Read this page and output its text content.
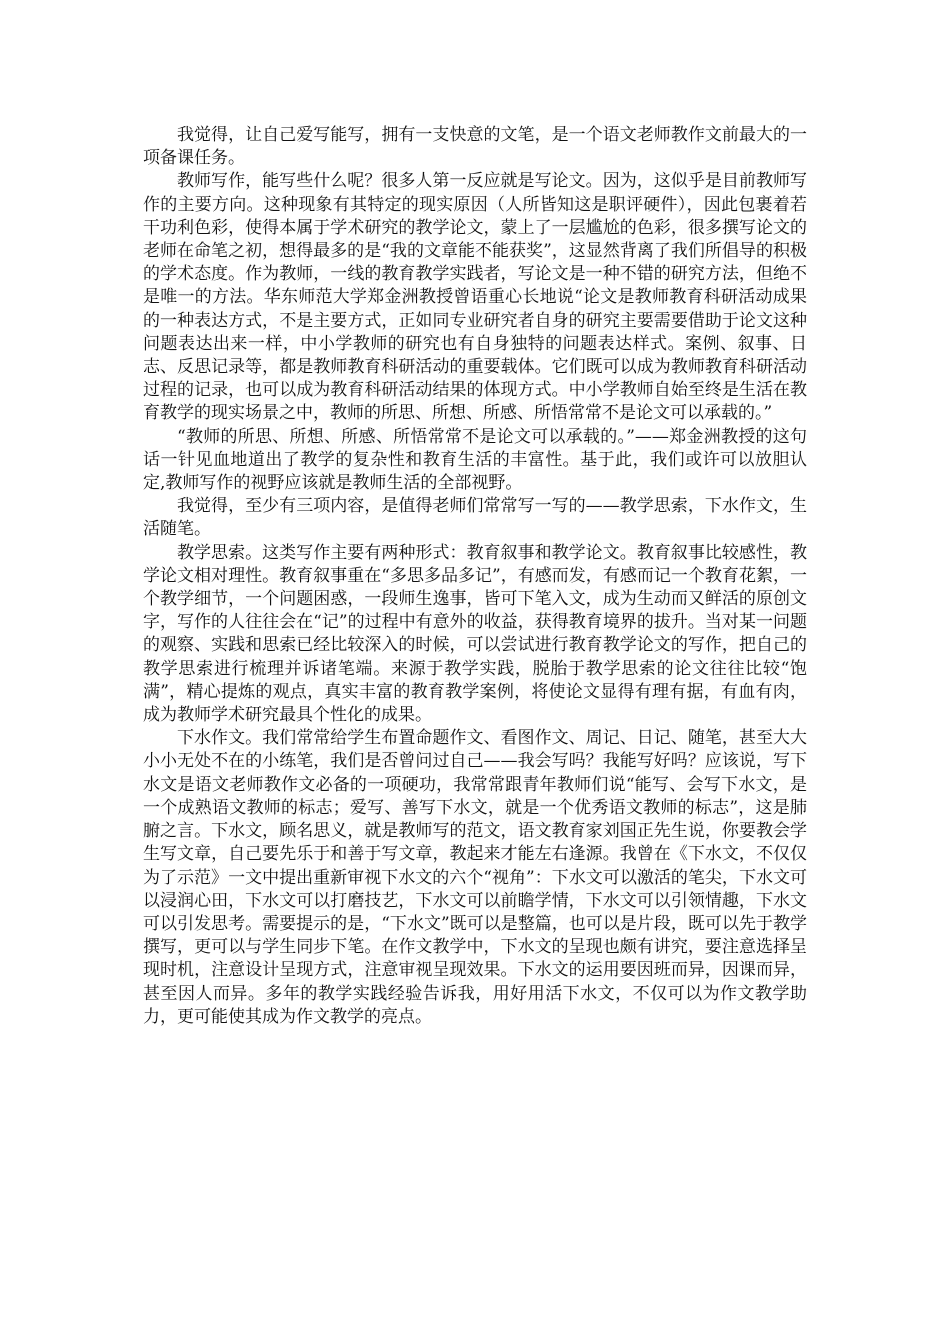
我觉得，让自己爱写能写，拥有一支快意的文笔，是一个语文老师教作文前最大的一项备课任务。

教师写作，能写些什么呢？很多人第一反应就是写论文。因为，这似乎是目前教师写作的主要方向。这种现象有其特定的现实原因（人所皆知这是职评硬件），因此包裹着若干功利色彩，使得本属于学术研究的教学论文，蒙上了一层尴尬的色彩，很多撰写论文的老师在命笔之初，想得最多的是“我的文章能不能获奖”，这显然背离了我们所倡导的积极的学术态度。作为教师，一线的教育教学实践者，写论文是一种不错的研究方法，但绝不是唯一的方法。华东师范大学郑金洲教授曾语重心长地说“论文是教师教育科研活动成果的一种表达方式，不是主要方式，正如同专业研究者自身的研究主要需要借助于论文这种问题表达出来一样，中小学教师的研究也有自身独特的问题表达样式。案例、叙事、日志、反思记录等，都是教师教育科研活动的重要载体。它们既可以成为教师教育科研活动过程的记录，也可以成为教育科研活动结果的体现方式。中小学教师自始至终是生活在教育教学的现实场景之中，教师的所思、所想、所感、所悟常常不是论文可以承载的。”

“教师的所思、所想、所感、所悟常常不是论文可以承载的。”——郑金洲教授的这句话一针见血地道出了教学的复杂性和教育生活的丰富性。基于此，我们或许可以放胆认定,教师写作的视野应该就是教师生活的全部视野。

我觉得，至少有三项内容，是值得老师们常常写一写的——教学思索，下水作文，生活随笔。

教学思索。这类写作主要有两种形式：教育叙事和教学论文。教育叙事比较感性，教学论文相对理性。教育叙事重在“多思多品多记”，有感而发，有感而记一个教育花絮，一个教学细节，一个问题困惑，一段师生逸事，皆可下笔入文，成为生动而又鲜活的原创文字，写作的人往往会在“记”的过程中有意外的收益，获得教育境界的拔升。当对某一问题的观察、实践和思索已经比较深入的时候，可以尝试进行教育教学论文的写作，把自己的教学思索进行梳理并诉诸笔端。来源于教学实践，脱胎于教学思索的论文往往比较“饱满”，精心提炼的观点，真实丰富的教育教学案例，将使论文显得有理有据，有血有肉，成为教师学术研究最具个性化的成果。

下水作文。我们常常给学生布置命题作文、看图作文、周记、日记、随笔，甚至大大小小无处不在的小练笔，我们是否曾问过自己——我会写吗？我能写好吗？应该说，写下水文是语文老师教作文必备的一项硬功，我常常跟青年教师们说“能写、会写下水文，是一个成熟语文教师的标志；爱写、善写下水文，就是一个优秀语文教师的标志”，这是肺腑之言。下水文，顾名思义，就是教师写的范文，语文教育家刘国正先生说，你要教会学生写文章，自己要先乐于和善于写文章，教起来才能左右逢源。我曾在《下水文，不仅仅为了示范》一文中提出重新审视下水文的六个“视角”：下水文可以激活的笔尖，下水文可以浸润心田，下水文可以打磨技艺，下水文可以前瞻学情，下水文可以引领情趣，下水文可以引发思考。需要提示的是，“下水文”既可以是整篇，也可以是片段，既可以先于教学撰写，更可以与学生同步下笔。在作文教学中，下水文的呈现也颇有讲究，要注意选择呈现时机，注意设计呈现方式，注意审视呈现效果。下水文的运用要因班而异，因课而异，甚至因人而异。多年的教学实践经验告诉我，用好用活下水文，不仅可以为作文教学助力，更可能使其成为作文教学的亮点。
